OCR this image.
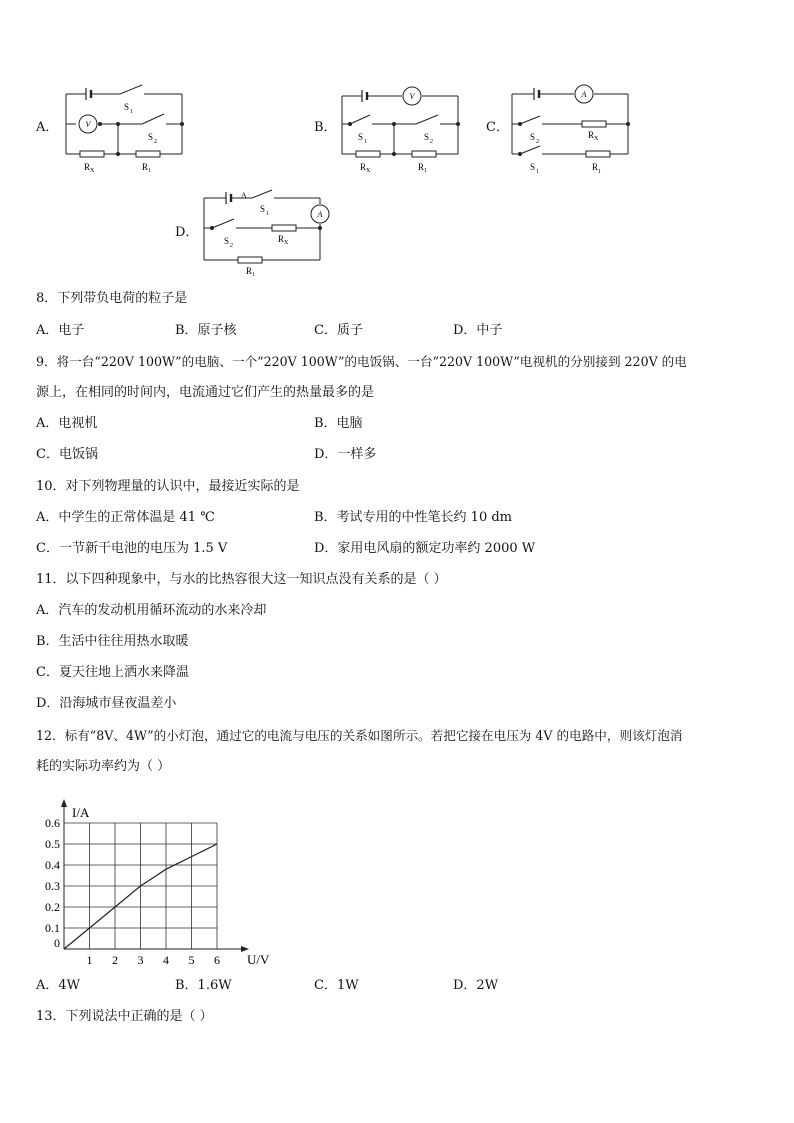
A．	V
S 1
S 2
R X	R 1
B．
V
S 1	S 2
R X	R 1
C．
A
S 2
R X
S 1	R 1
D．
A
A
S 1
S 2
R X
R 1
8．下列带负电荷的粒子是
A．电子	B．原子核	C．质子	D．中子
9．将一台“220V 100W”的电脑、一个“220V 100W”的电饭锅、一台“220V 100W”电视机的分别接到 220V 的电
源上，在相同的时间内，电流通过它们产生的热量最多的是
A．电视机	B．电脑
C．电饭锅	D．一样多
10．对下列物理量的认识中，最接近实际的是
A．中学生的正常体温是 41 ℃	B．考试专用的中性笔长约 10 dm
C．一节新干电池的电压为 1.5 V	D．家用电风扇的额定功率约 2000 W
11．以下四种现象中，与水的比热容很大这一知识点没有关系的是（ ）
A．汽车的发动机用循环流动的水来冷却
B．生活中往往用热水取暖
C．夏天往地上洒水来降温
D．沿海城市昼夜温差小
12．标有“8V、4W”的小灯泡，通过它的电流与电压的关系如图所示。若把它接在电压为 4V 的电路中，则该灯泡消
耗的实际功率约为（ ）
1 2 3 4 5 6
0
0.1
0.2
0.3
0.4
0.5
0.6
I/A
U/V
A．4W	B．1.6W	C．1W	D．2W
13．下列说法中正确的是（ ）
